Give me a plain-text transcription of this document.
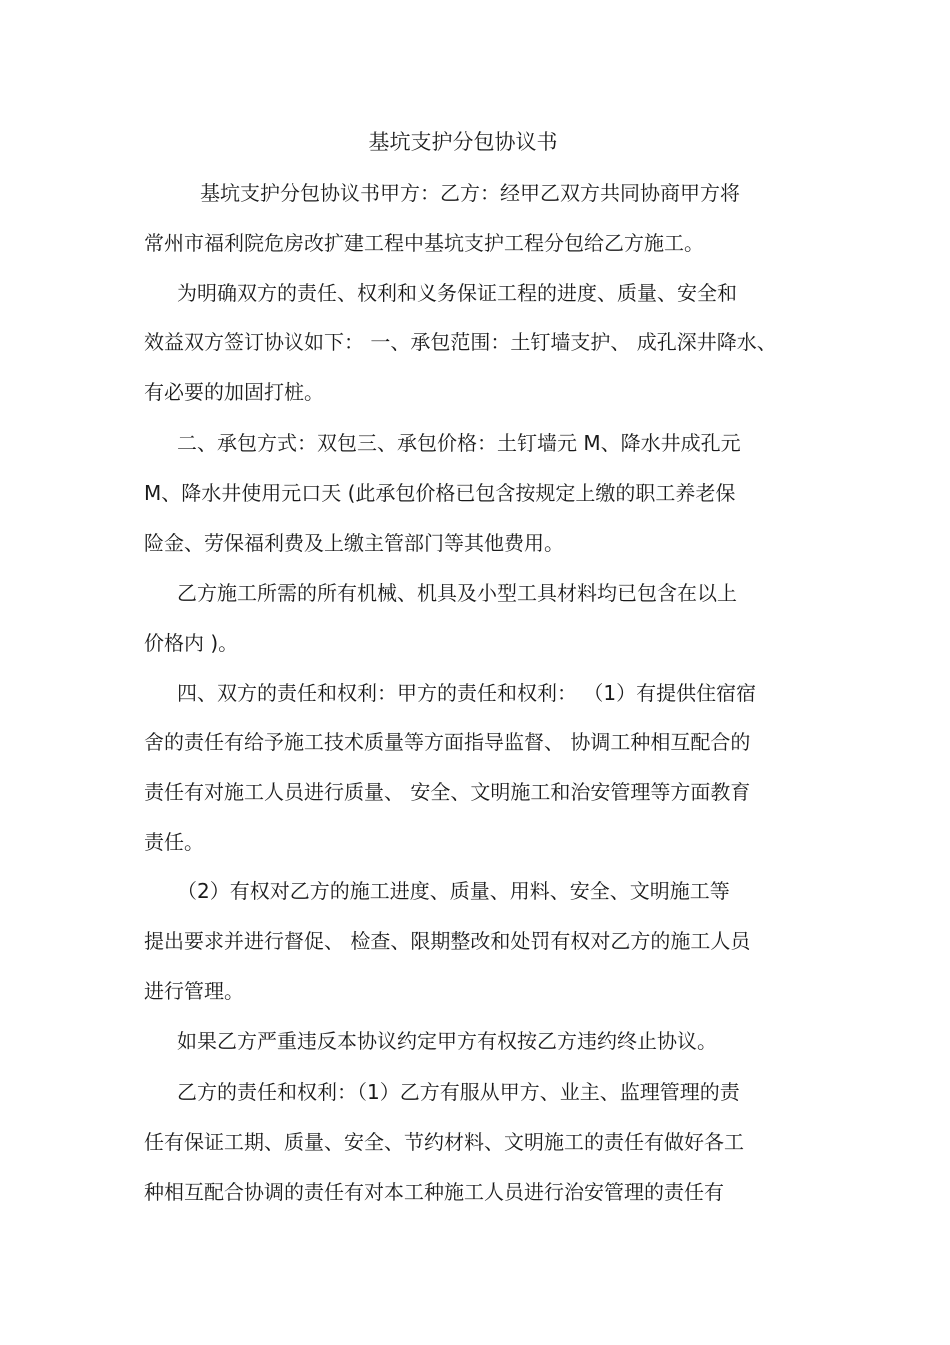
基坑支护分包协议书
基坑支护分包协议书甲方：乙方：经甲乙双方共同协商甲方将
常州市福利院危房改扩建工程中基坑支护工程分包给乙方施工。
为明确双方的责任、权利和义务保证工程的进度、质量、安全和
效益双方签订协议如下： 一、承包范围：土钉墙支护、 成孔深井降水、
有必要的加固打桩。
二、承包方式：双包三、承包价格：土钉墙元 M、降水井成孔元
M、降水井使用元口天 (此承包价格已包含按规定上缴的职工养老保
险金、劳保福利费及上缴主管部门等其他费用。
乙方施工所需的所有机械、机具及小型工具材料均已包含在以上
价格内 )。
四、双方的责任和权利：甲方的责任和权利： （1）有提供住宿宿
舍的责任有给予施工技术质量等方面指导监督、 协调工种相互配合的
责任有对施工人员进行质量、 安全、文明施工和治安管理等方面教育
责任。
（2）有权对乙方的施工进度、质量、用料、安全、文明施工等
提出要求并进行督促、 检查、限期整改和处罚有权对乙方的施工人员
进行管理。
如果乙方严重违反本协议约定甲方有权按乙方违约终止协议。
乙方的责任和权利：（1）乙方有服从甲方、业主、监理管理的责
任有保证工期、质量、安全、节约材料、文明施工的责任有做好各工
种相互配合协调的责任有对本工种施工人员进行治安管理的责任有
